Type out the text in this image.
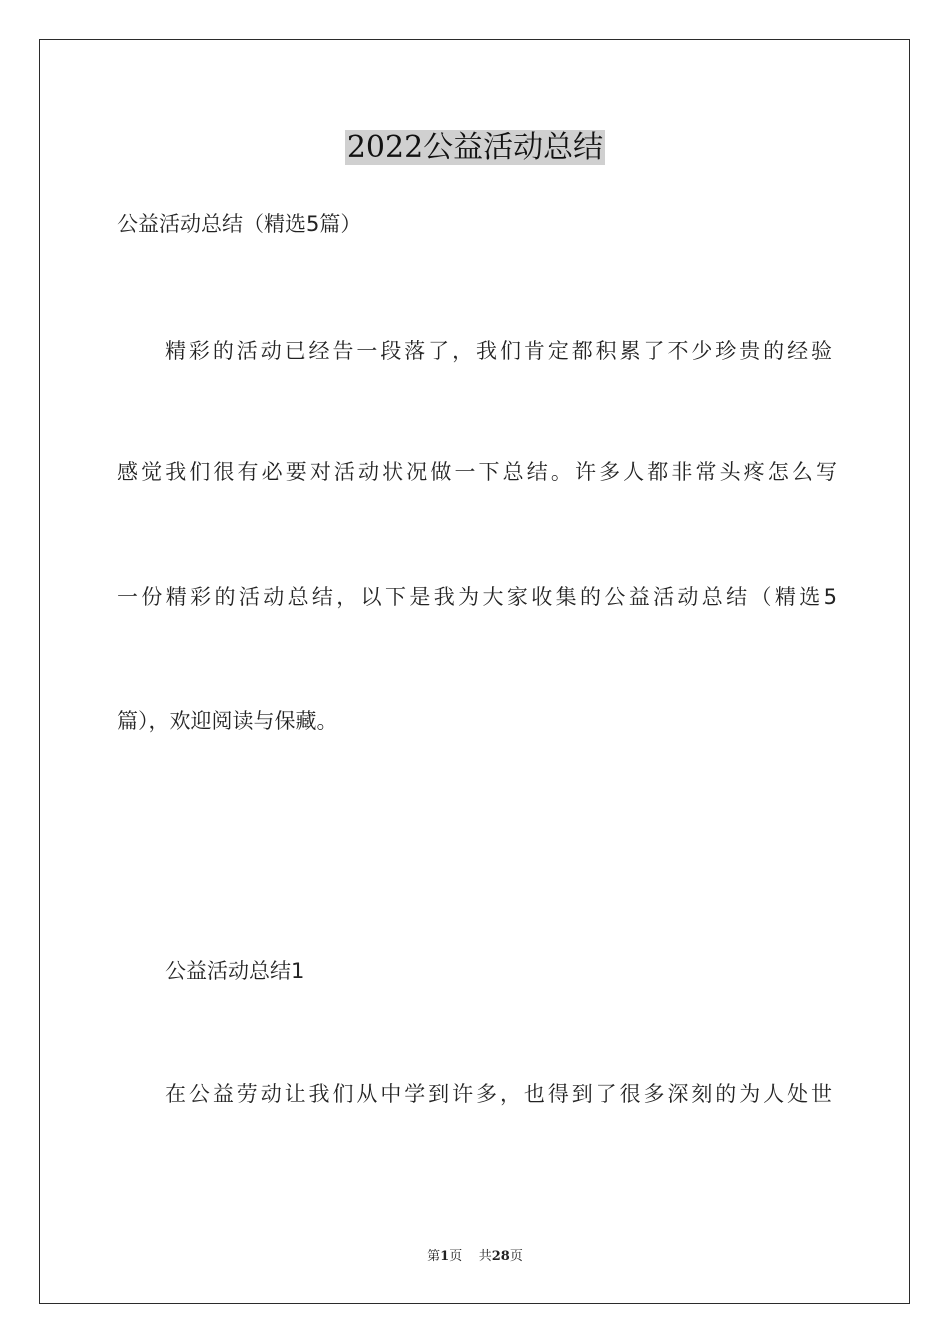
2022公益活动总结
公益活动总结（精选5篇）
精彩的活动已经告一段落了，我们肯定都积累了不少珍贵的经验
感觉我们很有必要对活动状况做一下总结。许多人都非常头疼怎么写
一份精彩的活动总结，以下是我为大家收集的公益活动总结（精选5
篇），欢迎阅读与保藏。
公益活动总结1
在公益劳动让我们从中学到许多，也得到了很多深刻的为人处世
第1页 共28页
